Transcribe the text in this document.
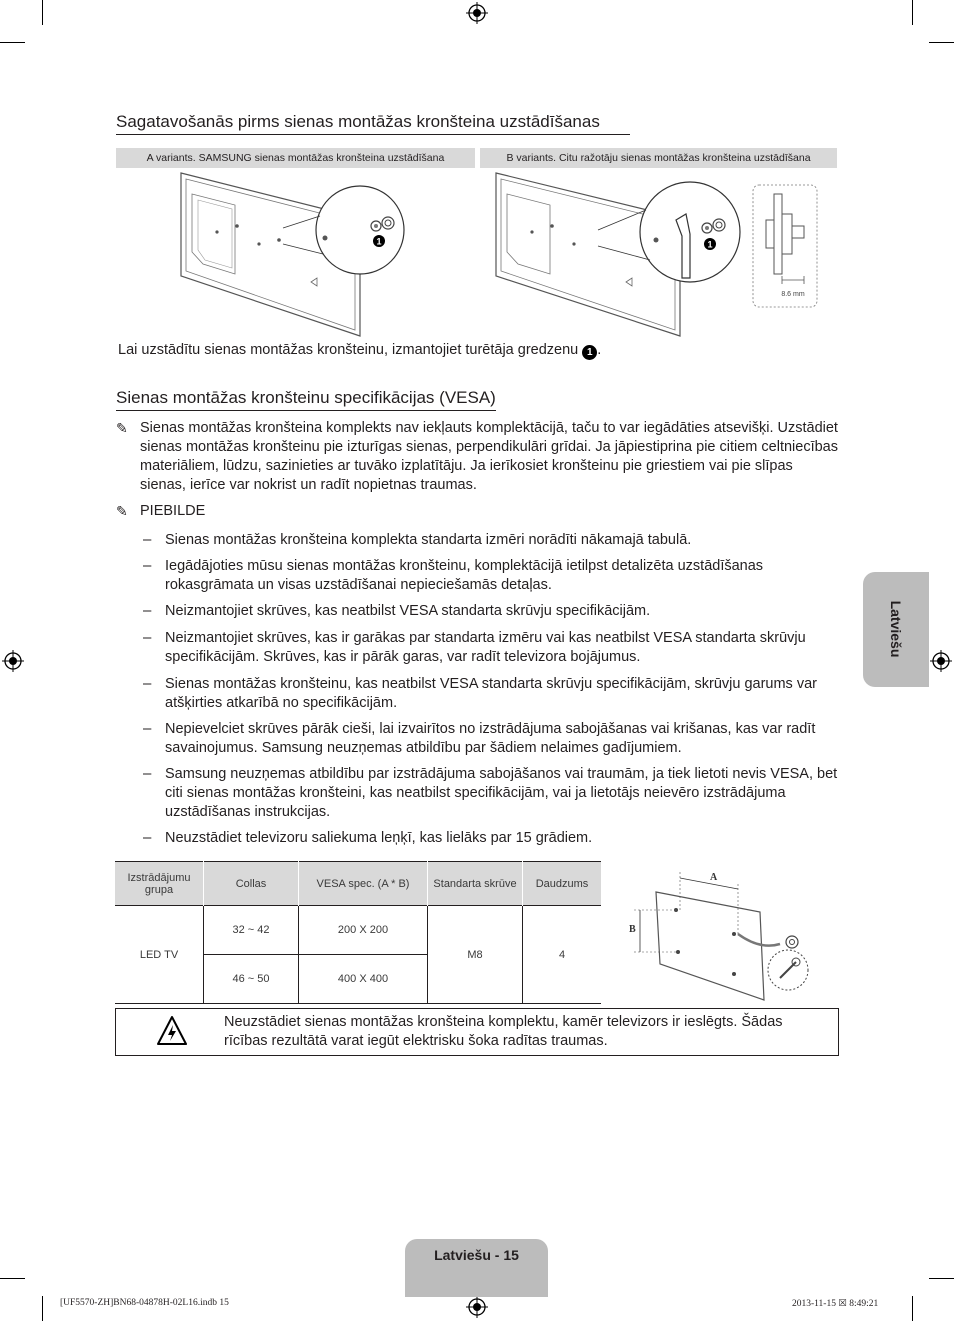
Sagatavošanās pirms sienas montāžas kronšteina uzstādīšanas
A variants. SAMSUNG sienas montāžas kronšteina uzstādīšana	B variants. Citu ražotāju sienas montāžas kronšteina uzstādīšana
1	1
8.6 mm
Lai uzstādītu sienas montāžas kronšteinu, izmantojiet turētāja gredzenu 1 .
Sienas montāžas kronšteinu specifikācijas (VESA)
✎ Sienas montāžas kronšteina komplekts nav iekļauts komplektācijā, taču to var iegādāties atsevišķi. Uzstādiet sienas montāžas kronšteinu pie izturīgas sienas, perpendikulāri grīdai. Ja jāpiestiprina pie citiem celtniecības materiāliem, lūdzu, sazinieties ar tuvāko izplatītāju. Ja ierīkosiet kronšteinu pie griestiem vai pie slīpas sienas, ierīce var nokrist un radīt nopietnas traumas.
✎ PIEBILDE
– Sienas montāžas kronšteina komplekta standarta izmēri norādīti nākamajā tabulā.
– Iegādājoties mūsu sienas montāžas kronšteinu, komplektācijā ietilpst detalizēta uzstādīšanas rokasgrāmata un visas uzstādīšanai nepieciešamās detaļas.
– Neizmantojiet skrūves, kas neatbilst VESA standarta skrūvju specifikācijām.
– Neizmantojiet skrūves, kas ir garākas par standarta izmēru vai kas neatbilst VESA standarta skrūvju specifikācijām. Skrūves, kas ir pārāk garas, var radīt televizora bojājumus.
– Sienas montāžas kronšteinu, kas neatbilst VESA standarta skrūvju specifikācijām, skrūvju garums var atšķirties atkarībā no specifikācijām.
– Nepievelciet skrūves pārāk cieši, lai izvairītos no izstrādājuma sabojāšanas vai krišanas, kas var radīt savainojumus. Samsung neuzņemas atbildību par šādiem nelaimes gadījumiem.
– Samsung neuzņemas atbildību par izstrādājuma sabojāšanos vai traumām, ja tiek lietoti nevis VESA, bet citi sienas montāžas kronšteini, kas neatbilst specifikācijām, vai ja lietotājs neievēro izstrādājuma uzstādīšanas instrukcijas.
– Neuzstādiet televizoru saliekuma leņķī, kas lielāks par 15 grādiem.
Izstrādājumu grupa	Collas	VESA spec. (A * B)	Standarta skrūve	Daudzums
LED TV	32 ~ 42	200 X 200	M8	4
	46 ~ 50	400 X 400		
A
B
Neuzstādiet sienas montāžas kronšteina komplektu, kamēr televizors ir ieslēgts. Šādas rīcības rezultātā varat iegūt elektrisku šoka radītas traumas.
Latviešu
Latviešu - 15
[UF5570-ZH]BN68-04878H-02L16.indb 15	2013-11-15 ☒ 8:49:21
